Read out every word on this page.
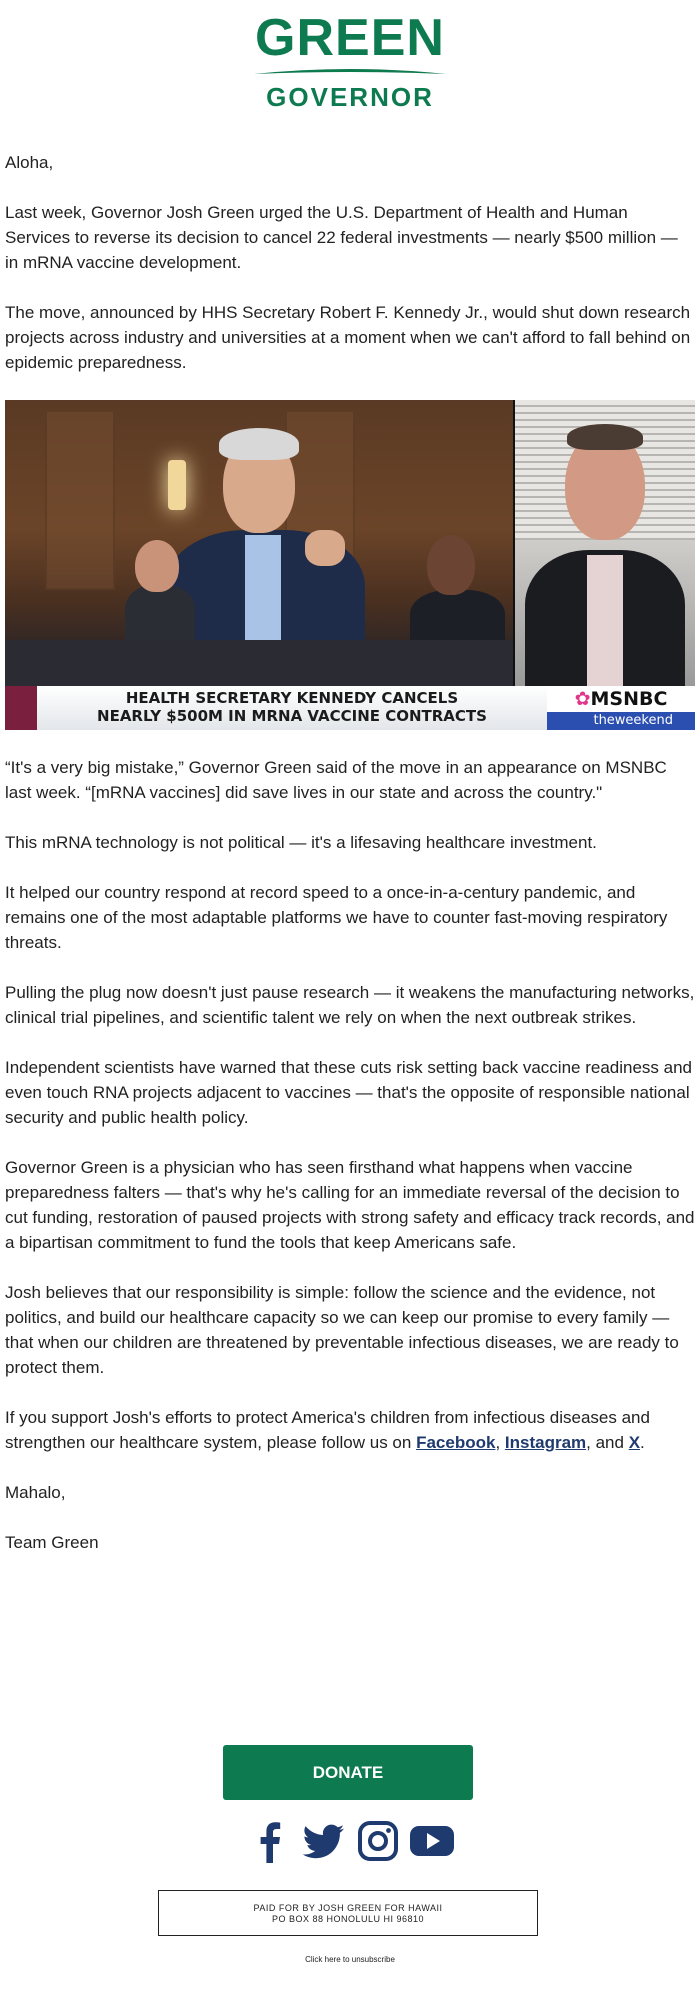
GREEN
GOVERNOR

Aloha,

Last week, Governor Josh Green urged the U.S. Department of Health and Human Services to reverse its decision to cancel 22 federal investments — nearly $500 million — in mRNA vaccine development.

The move, announced by HHS Secretary Robert F. Kennedy Jr., would shut down research projects across industry and universities at a moment when we can't afford to fall behind on epidemic preparedness.

HEALTH SECRETARY KENNEDY CANCELS
NEARLY $500M IN MRNA VACCINE CONTRACTS
✿MSNBC
theweekend

“It's a very big mistake,” Governor Green said of the move in an appearance on MSNBC last week. “[mRNA vaccines] did save lives in our state and across the country."

This mRNA technology is not political — it's a lifesaving healthcare investment.

It helped our country respond at record speed to a once-in-a-century pandemic, and remains one of the most adaptable platforms we have to counter fast-moving respiratory threats.

Pulling the plug now doesn't just pause research — it weakens the manufacturing networks, clinical trial pipelines, and scientific talent we rely on when the next outbreak strikes.

Independent scientists have warned that these cuts risk setting back vaccine readiness and even touch RNA projects adjacent to vaccines — that's the opposite of responsible national security and public health policy.

Governor Green is a physician who has seen firsthand what happens when vaccine preparedness falters — that's why he's calling for an immediate reversal of the decision to cut funding, restoration of paused projects with strong safety and efficacy track records, and a bipartisan commitment to fund the tools that keep Americans safe.

Josh believes that our responsibility is simple: follow the science and the evidence, not politics, and build our healthcare capacity so we can keep our promise to every family — that when our children are threatened by preventable infectious diseases, we are ready to protect them.

If you support Josh's efforts to protect America's children from infectious diseases and strengthen our healthcare system, please follow us on Facebook, Instagram, and X.

Mahalo,

Team Green

DONATE
PAID FOR BY JOSH GREEN FOR HAWAII
PO BOX 88 HONOLULU HI 96810
Click here to unsubscribe
